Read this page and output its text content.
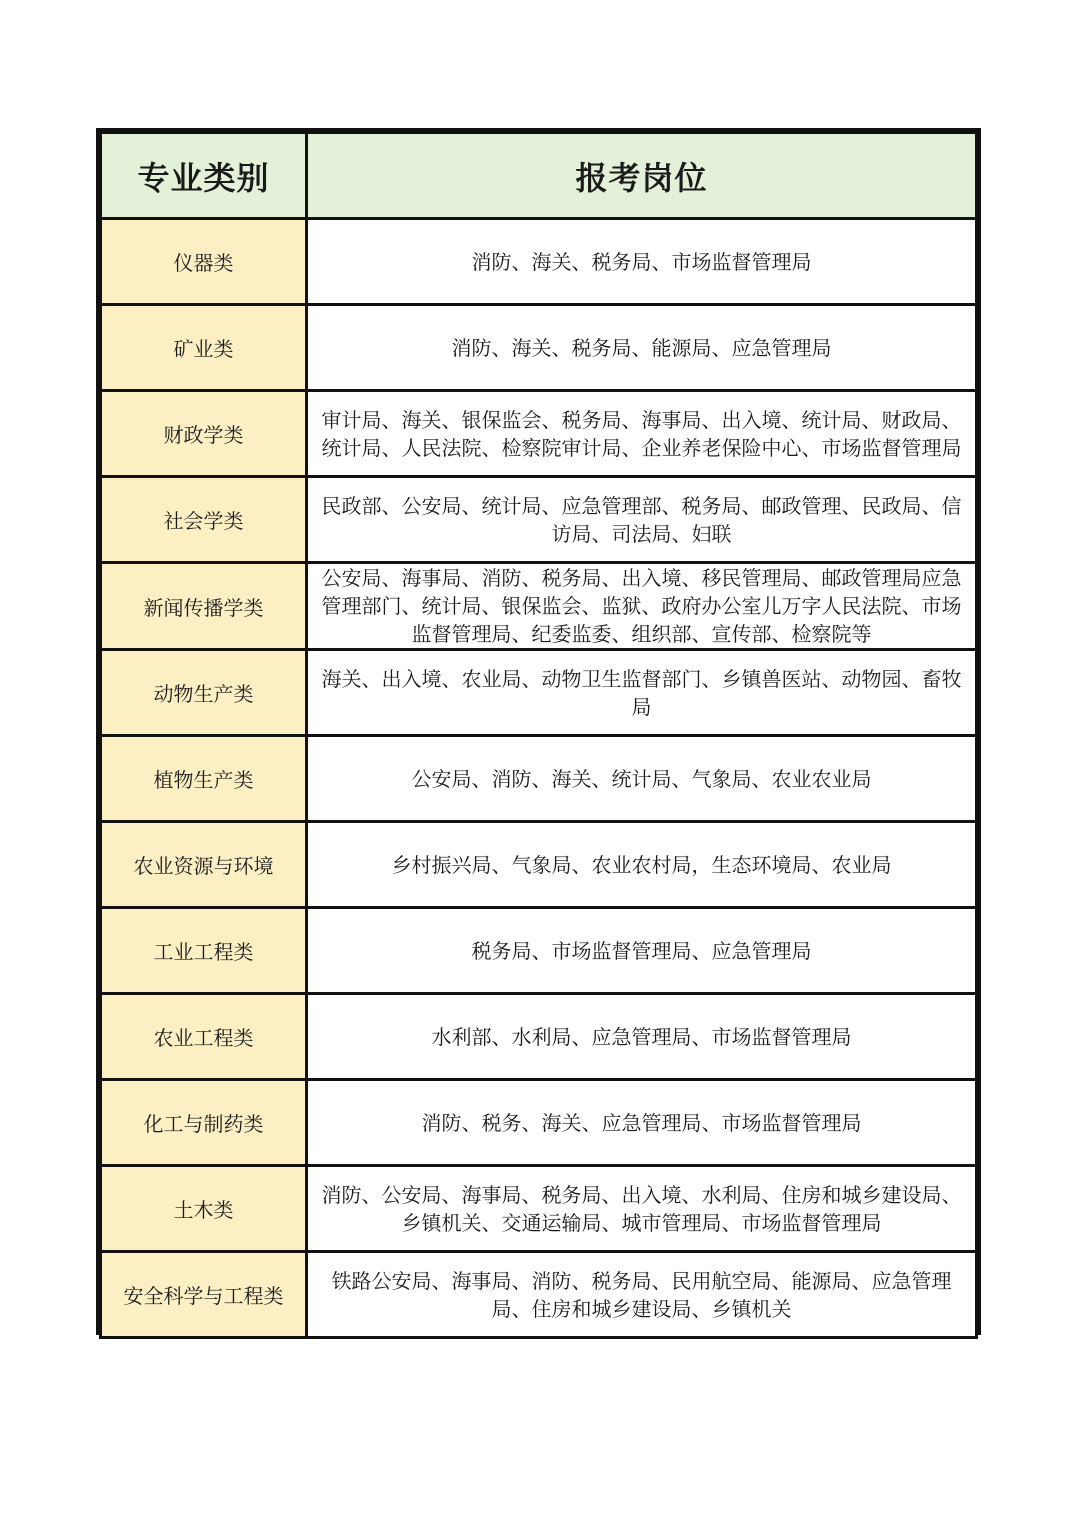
专业类别	报考岗位
仪器类	消防、海关、税务局、市场监督管理局
矿业类	消防、海关、税务局、能源局、应急管理局
财政学类	审计局、海关、银保监会、税务局、海事局、出入境、统计局、财政局、统计局、人民法院、检察院审计局、企业养老保险中心、市场监督管理局
社会学类	民政部、公安局、统计局、应急管理部、税务局、邮政管理、民政局、信访局、司法局、妇联
新闻传播学类	公安局、海事局、消防、税务局、出入境、移民管理局、邮政管理局应急管理部门、统计局、银保监会、监狱、政府办公室儿万字人民法院、市场监督管理局、纪委监委、组织部、宣传部、检察院等
动物生产类	海关、出入境、农业局、动物卫生监督部门、乡镇兽医站、动物园、畜牧局
植物生产类	公安局、消防、海关、统计局、气象局、农业农业局
农业资源与环境	乡村振兴局、气象局、农业农村局，生态环境局、农业局
工业工程类	税务局、市场监督管理局、应急管理局
农业工程类	水利部、水利局、应急管理局、市场监督管理局
化工与制药类	消防、税务、海关、应急管理局、市场监督管理局
土木类	消防、公安局、海事局、税务局、出入境、水利局、住房和城乡建设局、乡镇机关、交通运输局、城市管理局、市场监督管理局
安全科学与工程类	铁路公安局、海事局、消防、税务局、民用航空局、能源局、应急管理局、住房和城乡建设局、乡镇机关
